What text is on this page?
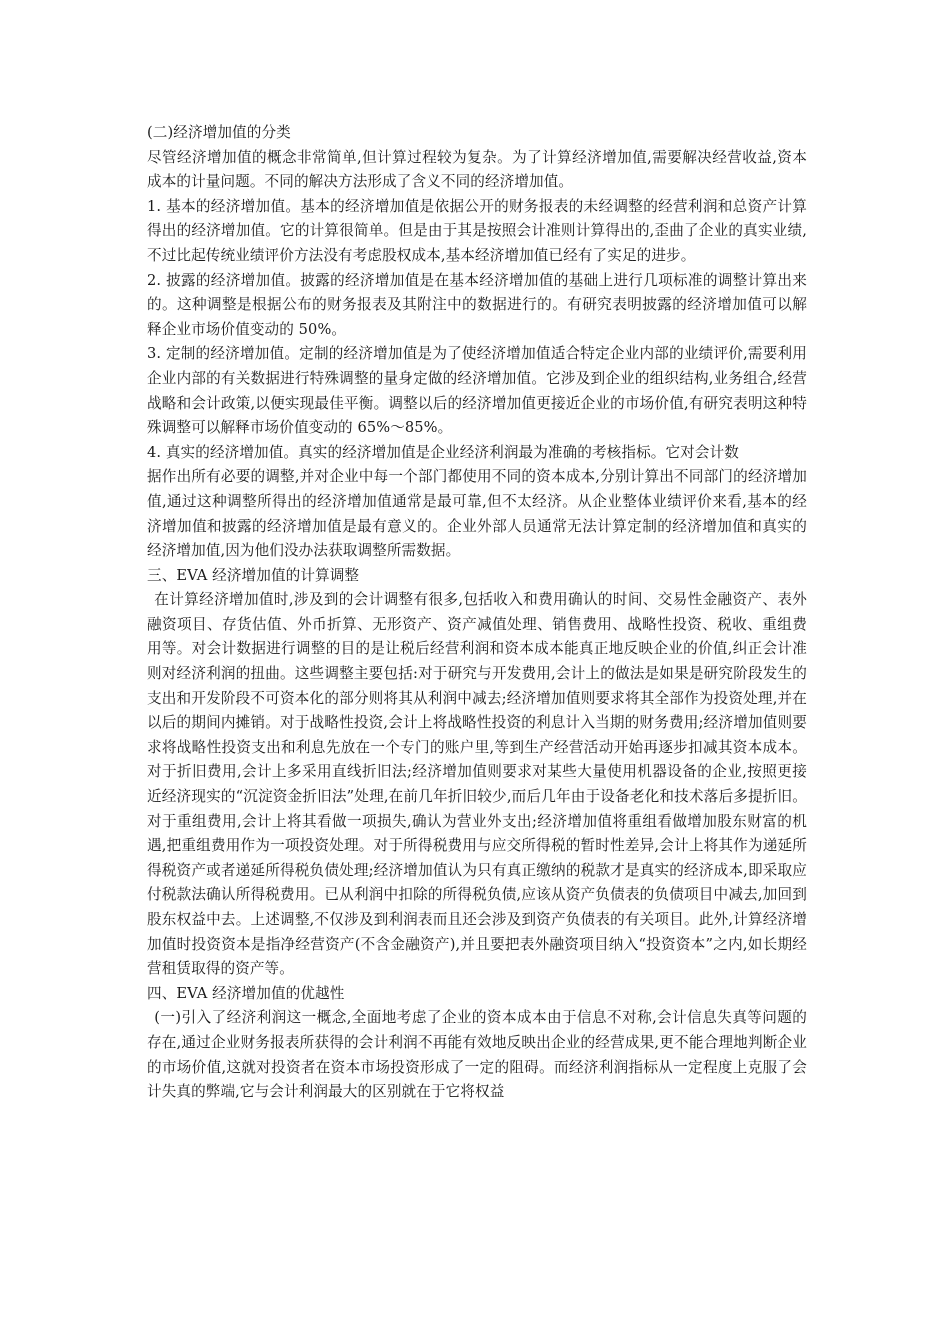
(二)经济增加值的分类

尽管经济增加值的概念非常简单,但计算过程较为复杂。为了计算经济增加值,需要解决经营收益,资本成本的计量问题。不同的解决方法形成了含义不同的经济增加值。

1. 基本的经济增加值。基本的经济增加值是依据公开的财务报表的未经调整的经营利润和总资产计算得出的经济增加值。它的计算很简单。但是由于其是按照会计准则计算得出的,歪曲了企业的真实业绩,不过比起传统业绩评价方法没有考虑股权成本,基本经济增加值已经有了实足的进步。

2. 披露的经济增加值。披露的经济增加值是在基本经济增加值的基础上进行几项标准的调整计算出来的。这种调整是根据公布的财务报表及其附注中的数据进行的。有研究表明披露的经济增加值可以解释企业市场价值变动的 50%。

3. 定制的经济增加值。定制的经济增加值是为了使经济增加值适合特定企业内部的业绩评价,需要利用企业内部的有关数据进行特殊调整的量身定做的经济增加值。它涉及到企业的组织结构,业务组合,经营战略和会计政策,以便实现最佳平衡。调整以后的经济增加值更接近企业的市场价值,有研究表明这种特殊调整可以解释市场价值变动的 65%～85%。

4. 真实的经济增加值。真实的经济增加值是企业经济利润最为准确的考核指标。它对会计数

据作出所有必要的调整,并对企业中每一个部门都使用不同的资本成本,分别计算出不同部门的经济增加值,通过这种调整所得出的经济增加值通常是最可靠,但不太经济。从企业整体业绩评价来看,基本的经济增加值和披露的经济增加值是最有意义的。企业外部人员通常无法计算定制的经济增加值和真实的经济增加值,因为他们没办法获取调整所需数据。

三、EVA 经济增加值的计算调整

在计算经济增加值时,涉及到的会计调整有很多,包括收入和费用确认的时间、交易性金融资产、表外融资项目、存货估值、外币折算、无形资产、资产减值处理、销售费用、战略性投资、税收、重组费用等。对会计数据进行调整的目的是让税后经营利润和资本成本能真正地反映企业的价值,纠正会计准则对经济利润的扭曲。这些调整主要包括:对于研究与开发费用,会计上的做法是如果是研究阶段发生的支出和开发阶段不可资本化的部分则将其从利润中减去;经济增加值则要求将其全部作为投资处理,并在以后的期间内摊销。对于战略性投资,会计上将战略性投资的利息计入当期的财务费用;经济增加值则要求将战略性投资支出和利息先放在一个专门的账户里,等到生产经营活动开始再逐步扣减其资本成本。对于折旧费用,会计上多采用直线折旧法;经济增加值则要求对某些大量使用机器设备的企业,按照更接近经济现实的“沉淀资金折旧法”处理,在前几年折旧较少,而后几年由于设备老化和技术落后多提折旧。对于重组费用,会计上将其看做一项损失,确认为营业外支出;经济增加值将重组看做增加股东财富的机遇,把重组费用作为一项投资处理。对于所得税费用与应交所得税的暂时性差异,会计上将其作为递延所得税资产或者递延所得税负债处理;经济增加值认为只有真正缴纳的税款才是真实的经济成本,即采取应付税款法确认所得税费用。已从利润中扣除的所得税负债,应该从资产负债表的负债项目中减去,加回到股东权益中去。上述调整,不仅涉及到利润表而且还会涉及到资产负债表的有关项目。此外,计算经济增加值时投资资本是指净经营资产(不含金融资产),并且要把表外融资项目纳入“投资资本”之内,如长期经营租赁取得的资产等。

四、EVA 经济增加值的优越性

(一)引入了经济利润这一概念,全面地考虑了企业的资本成本由于信息不对称,会计信息失真等问题的存在,通过企业财务报表所获得的会计利润不再能有效地反映出企业的经营成果,更不能合理地判断企业的市场价值,这就对投资者在资本市场投资形成了一定的阻碍。而经济利润指标从一定程度上克服了会计失真的弊端,它与会计利润最大的区别就在于它将权益
